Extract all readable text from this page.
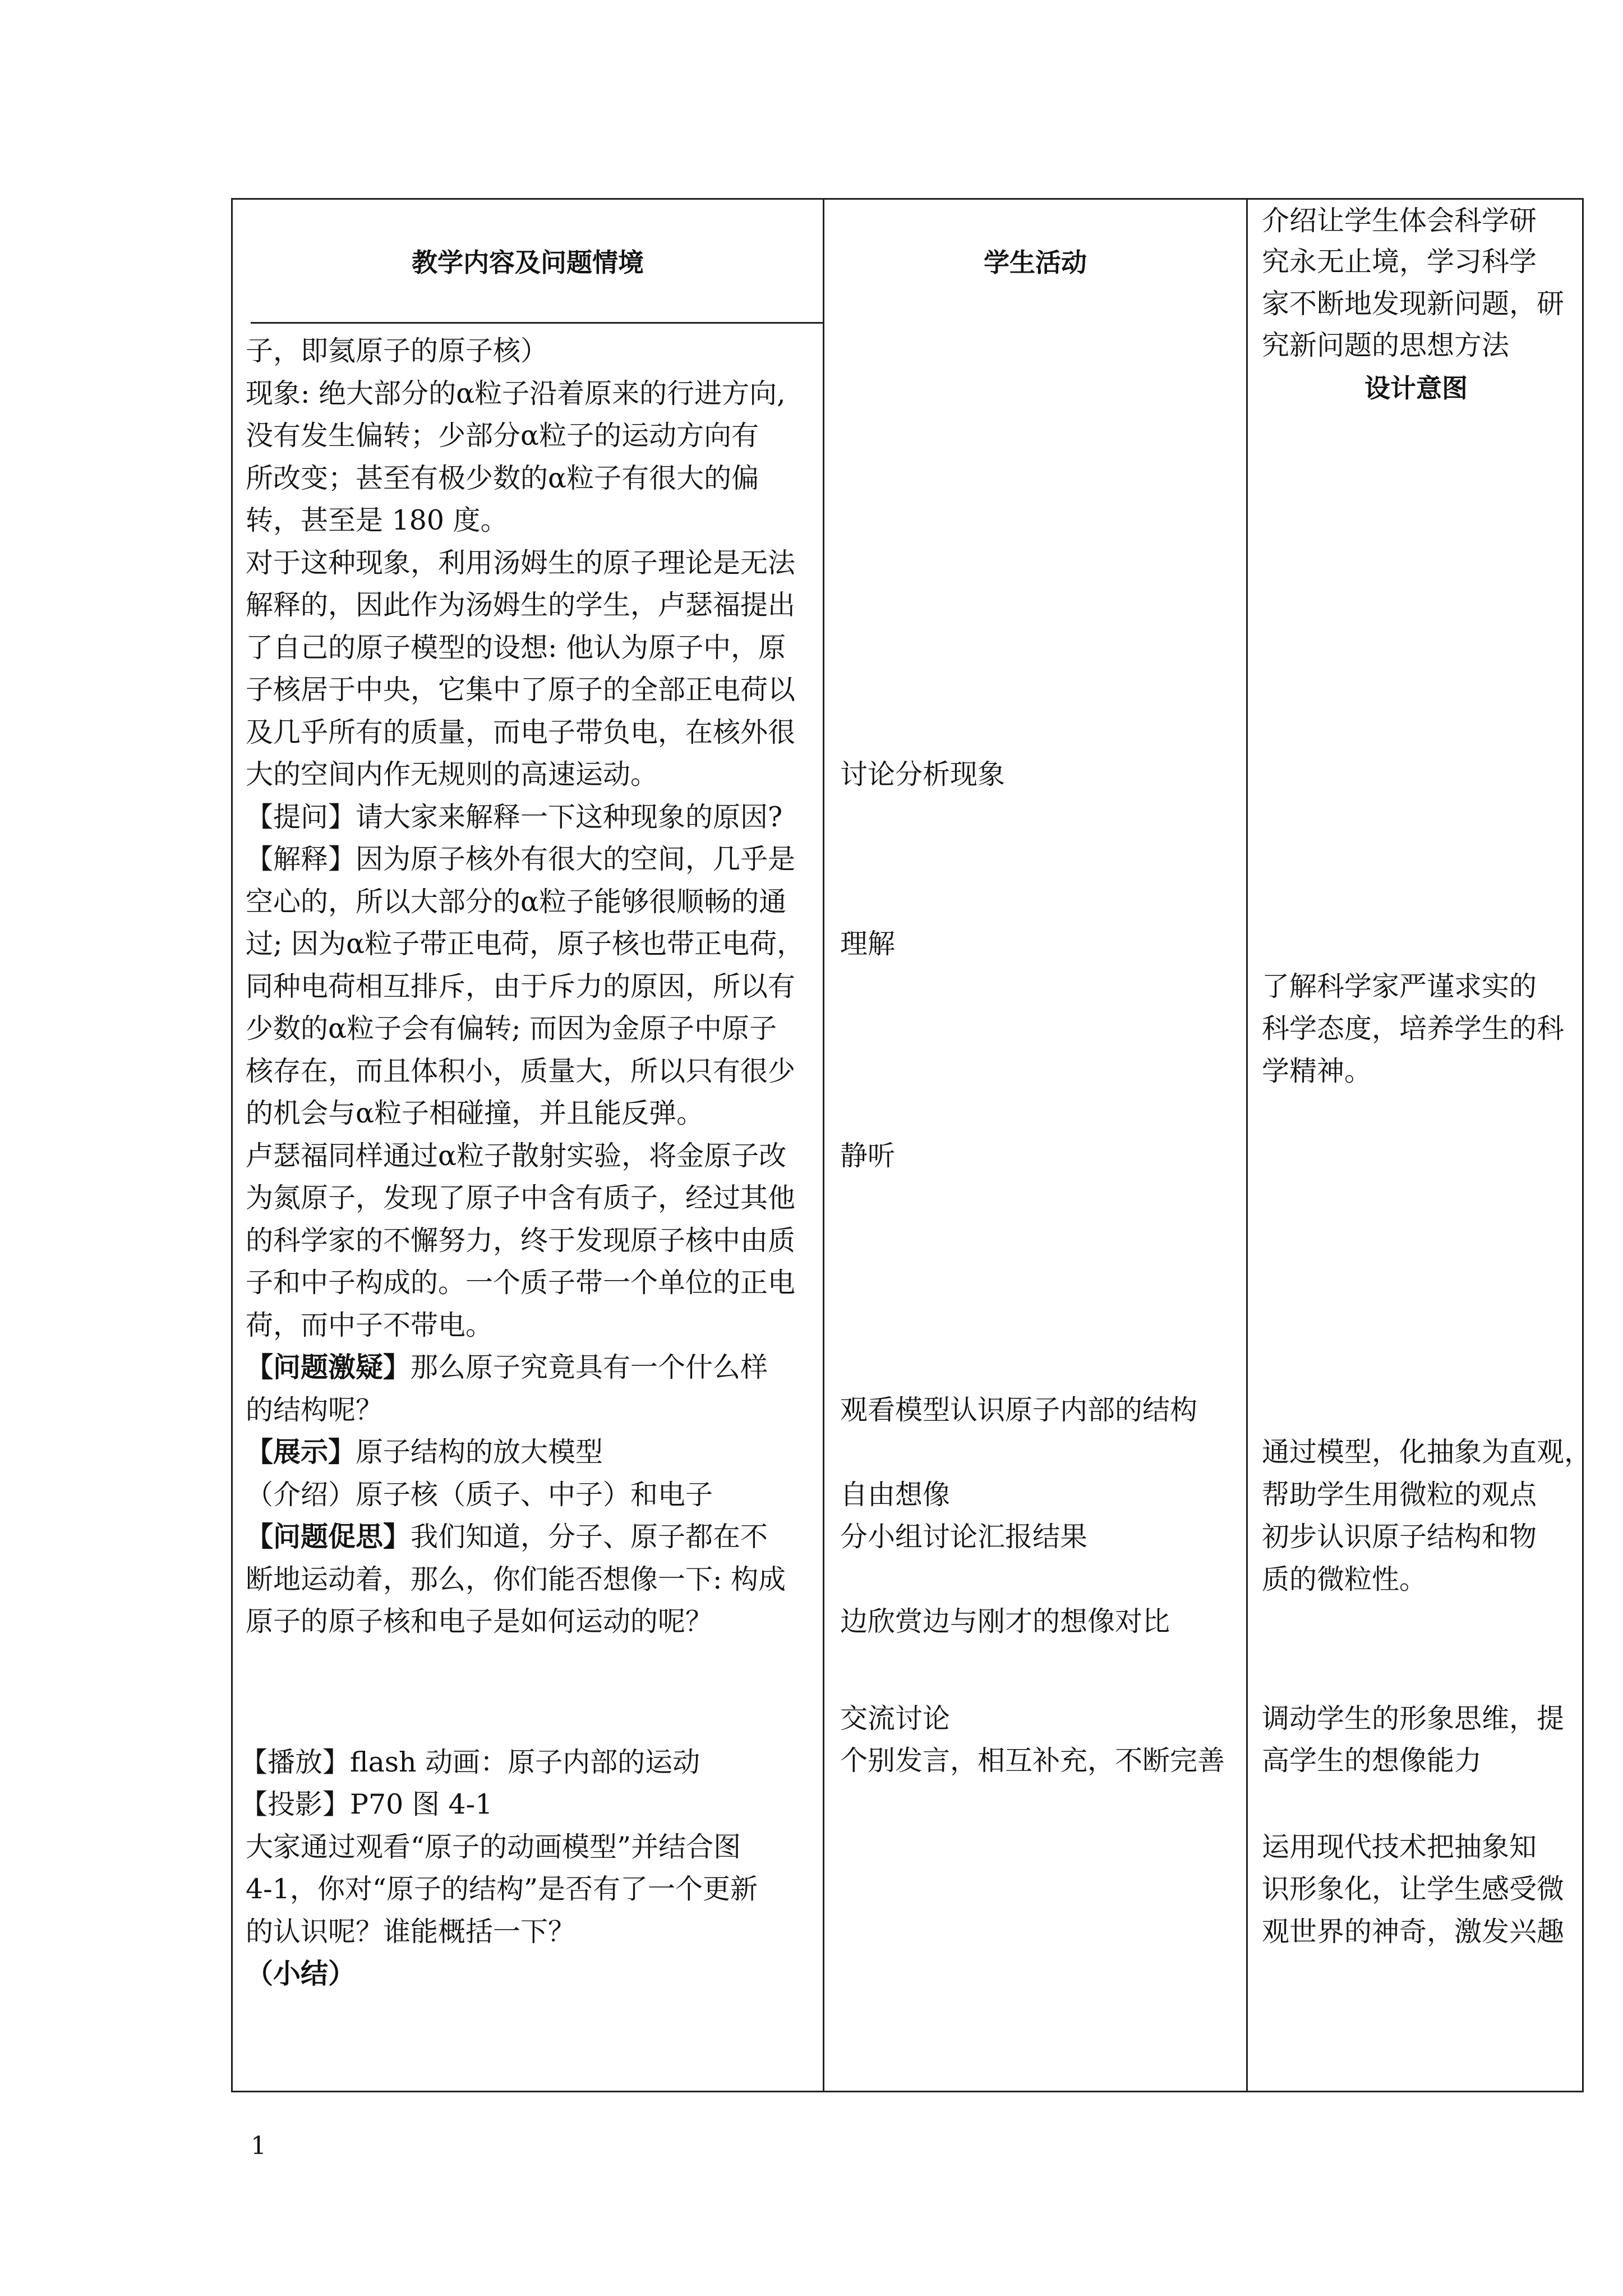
教学内容及问题情境	学生活动
子，即氦原子的原子核）
现象: 绝大部分的α粒子沿着原来的行进方向,
没有发生偏转；少部分α粒子的运动方向有
所改变；甚至有极少数的α粒子有很大的偏
转，甚至是 180 度。
对于这种现象，利用汤姆生的原子理论是无法
解释的，因此作为汤姆生的学生，卢瑟福提出
了自己的原子模型的设想: 他认为原子中，原
子核居于中央，它集中了原子的全部正电荷以
及几乎所有的质量，而电子带负电，在核外很
大的空间内作无规则的高速运动。
【提问】请大家来解释一下这种现象的原因?
【解释】因为原子核外有很大的空间，几乎是
空心的，所以大部分的α粒子能够很顺畅的通
过; 因为α粒子带正电荷，原子核也带正电荷，
同种电荷相互排斥，由于斥力的原因，所以有
少数的α粒子会有偏转; 而因为金原子中原子
核存在，而且体积小，质量大，所以只有很少
的机会与α粒子相碰撞，并且能反弹。
卢瑟福同样通过α粒子散射实验，将金原子改
为氮原子，发现了原子中含有质子，经过其他
的科学家的不懈努力，终于发现原子核中由质
子和中子构成的。一个质子带一个单位的正电
荷，而中子不带电。
【问题激疑】那么原子究竟具有一个什么样
的结构呢？
【展示】原子结构的放大模型
（介绍）原子核（质子、中子）和电子
【问题促思】我们知道，分子、原子都在不
断地运动着，那么，你们能否想像一下: 构成
原子的原子核和电子是如何运动的呢？
【播放】flash 动画：原子内部的运动
【投影】P70 图 4-1
大家通过观看“原子的动画模型”并结合图
4-1，你对“原子的结构”是否有了一个更新
的认识呢？谁能概括一下？
（小结）
讨论分析现象
理解
静听
观看模型认识原子内部的结构
自由想像
分小组讨论汇报结果
边欣赏边与刚才的想像对比
交流讨论
个别发言，相互补充，不断完善
介绍让学生体会科学研
究永无止境，学习科学
家不断地发现新问题，研
究新问题的思想方法
设计意图
了解科学家严谨求实的
科学态度，培养学生的科
学精神。
通过模型，化抽象为直观，
帮助学生用微粒的观点
初步认识原子结构和物
质的微粒性。
调动学生的形象思维，提
高学生的想像能力
运用现代技术把抽象知
识形象化，让学生感受微
观世界的神奇，激发兴趣
1
